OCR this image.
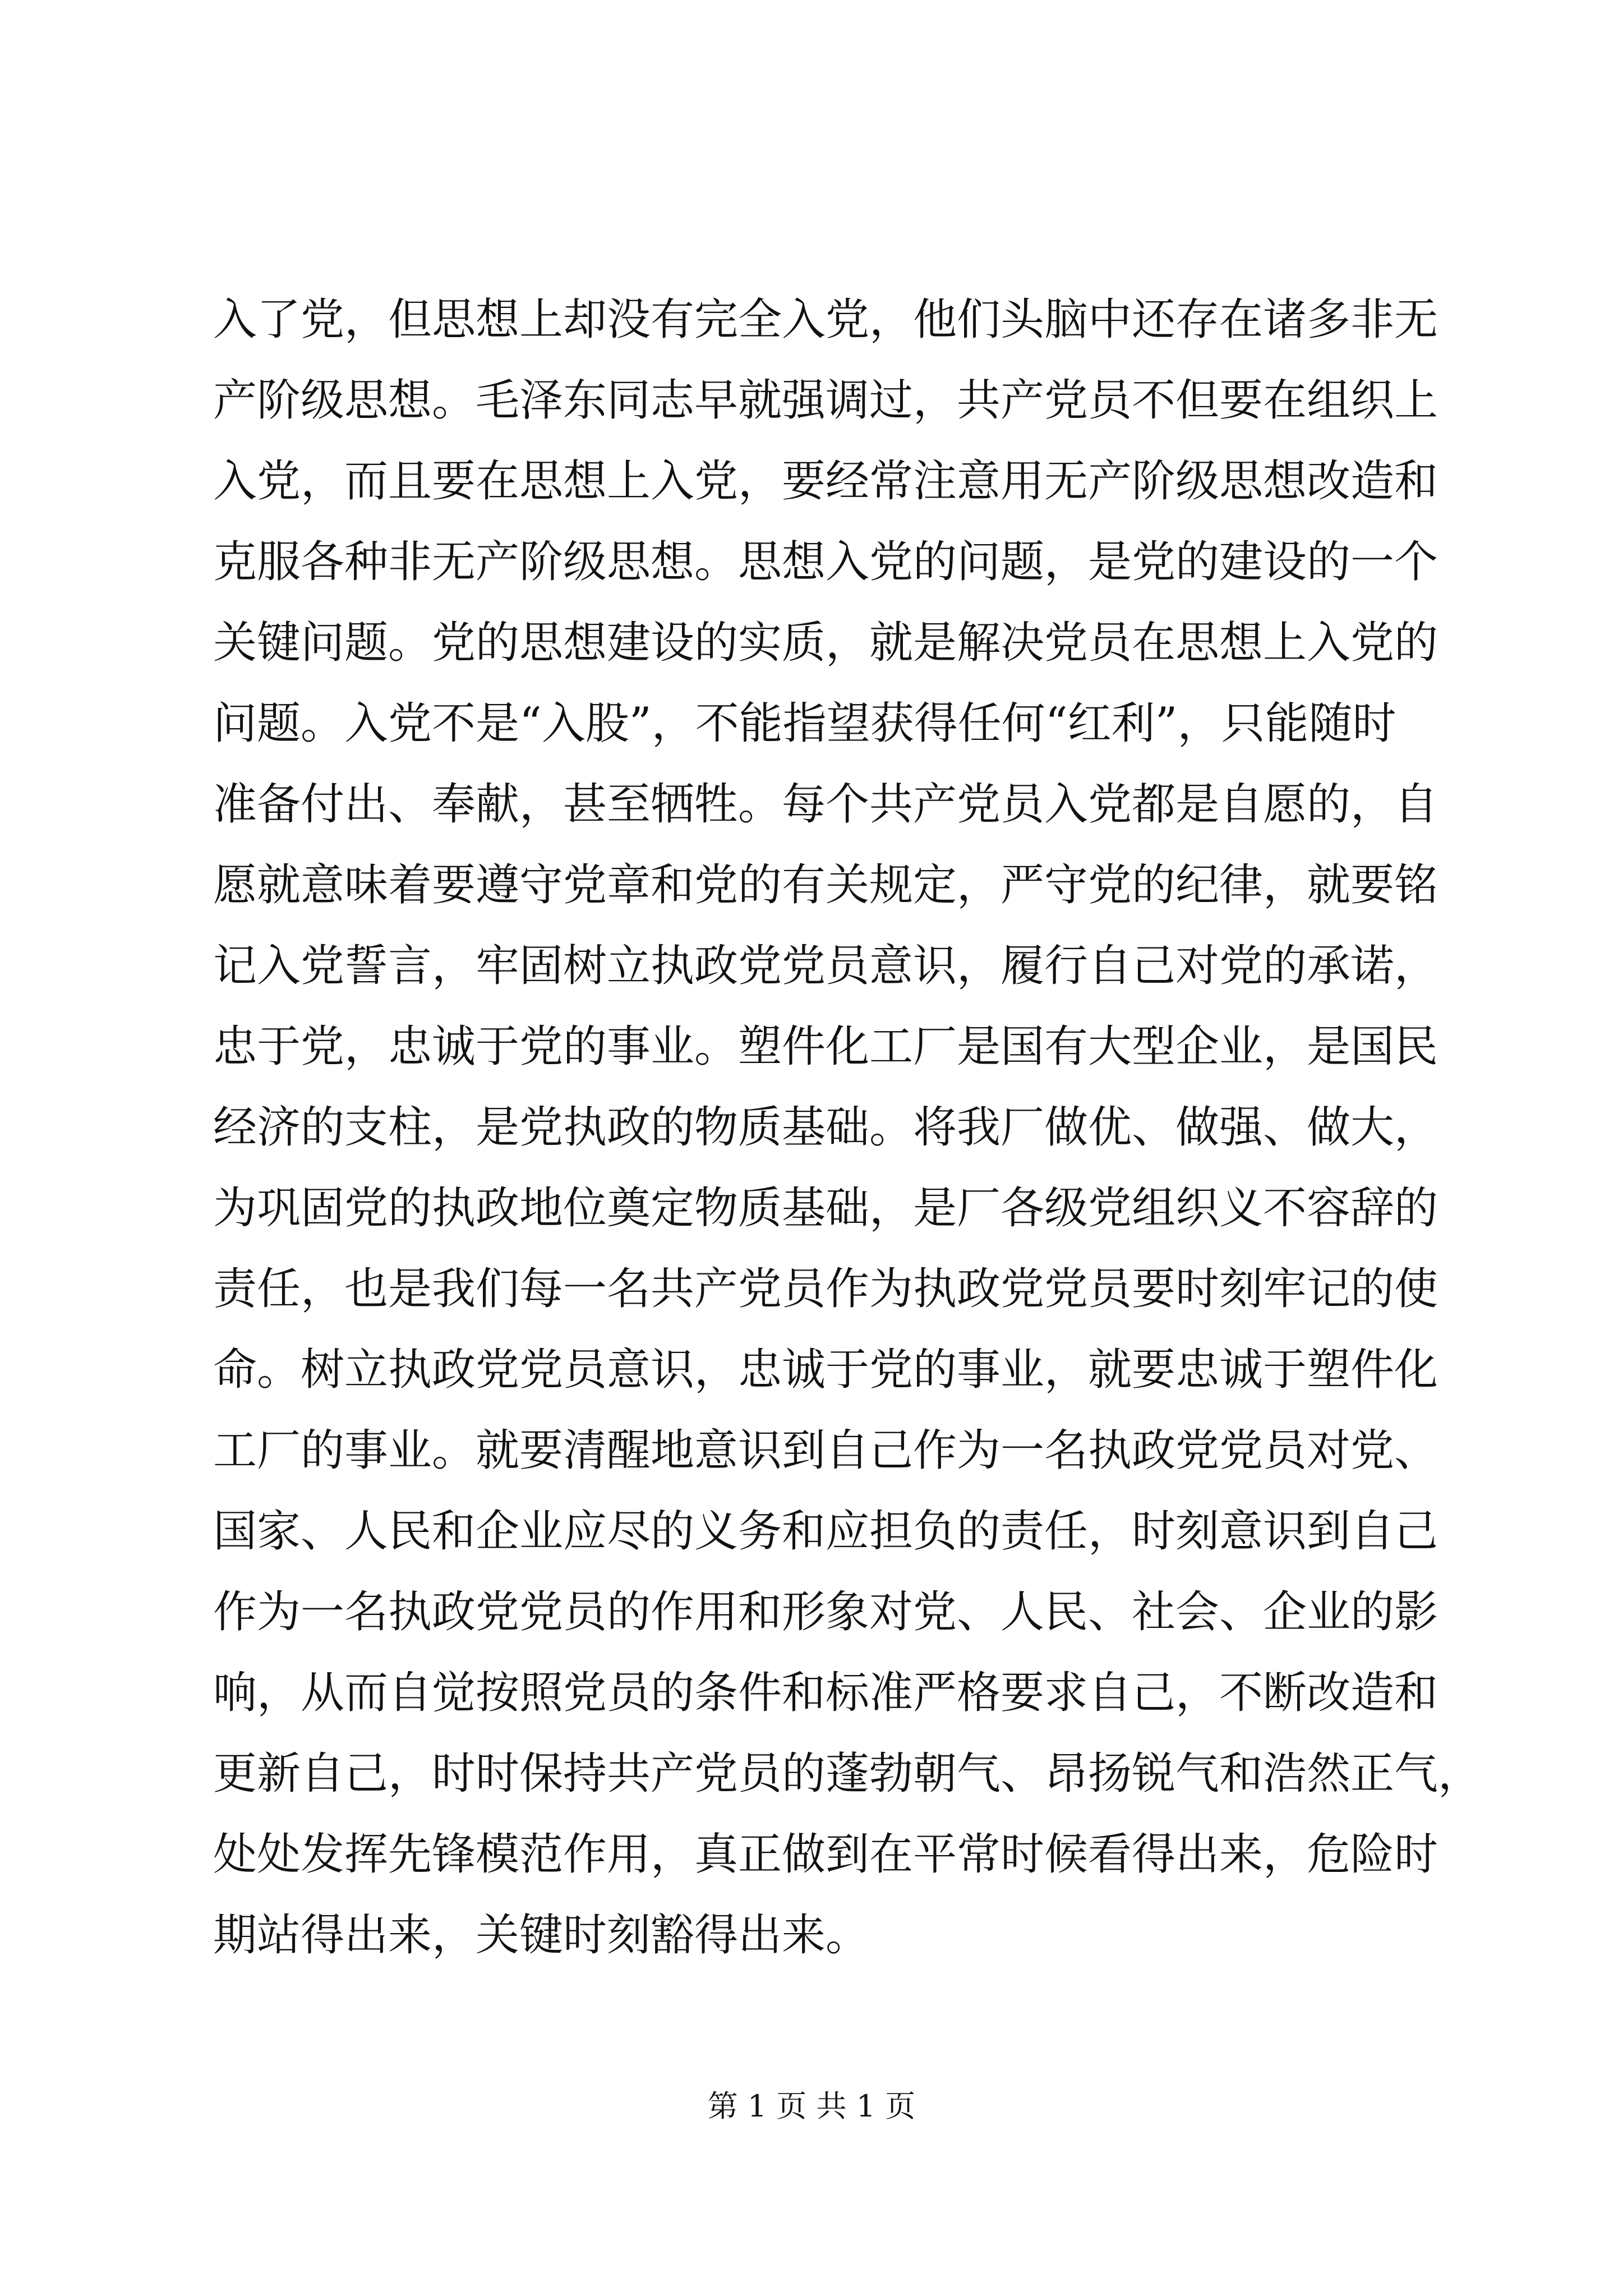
入了党，但思想上却没有完全入党，他们头脑中还存在诸多非无
产阶级思想。毛泽东同志早就强调过，共产党员不但要在组织上
入党，而且要在思想上入党，要经常注意用无产阶级思想改造和
克服各种非无产阶级思想。思想入党的问题，是党的建设的一个
关键问题。党的思想建设的实质，就是解决党员在思想上入党的
问题。入党不是“入股”，不能指望获得任何“红利”，只能随时
准备付出、奉献，甚至牺牲。每个共产党员入党都是自愿的，自
愿就意味着要遵守党章和党的有关规定，严守党的纪律，就要铭
记入党誓言，牢固树立执政党党员意识，履行自己对党的承诺，
忠于党，忠诚于党的事业。塑件化工厂是国有大型企业，是国民
经济的支柱，是党执政的物质基础。将我厂做优、做强、做大，
为巩固党的执政地位奠定物质基础，是厂各级党组织义不容辞的
责任，也是我们每一名共产党员作为执政党党员要时刻牢记的使
命。树立执政党党员意识，忠诚于党的事业，就要忠诚于塑件化
工厂的事业。就要清醒地意识到自己作为一名执政党党员对党、
国家、人民和企业应尽的义务和应担负的责任，时刻意识到自己
作为一名执政党党员的作用和形象对党、人民、社会、企业的影
响，从而自觉按照党员的条件和标准严格要求自己，不断改造和
更新自己，时时保持共产党员的蓬勃朝气、昂扬锐气和浩然正气，
处处发挥先锋模范作用，真正做到在平常时候看得出来，危险时
期站得出来，关键时刻豁得出来。
第 1 页 共 1 页
